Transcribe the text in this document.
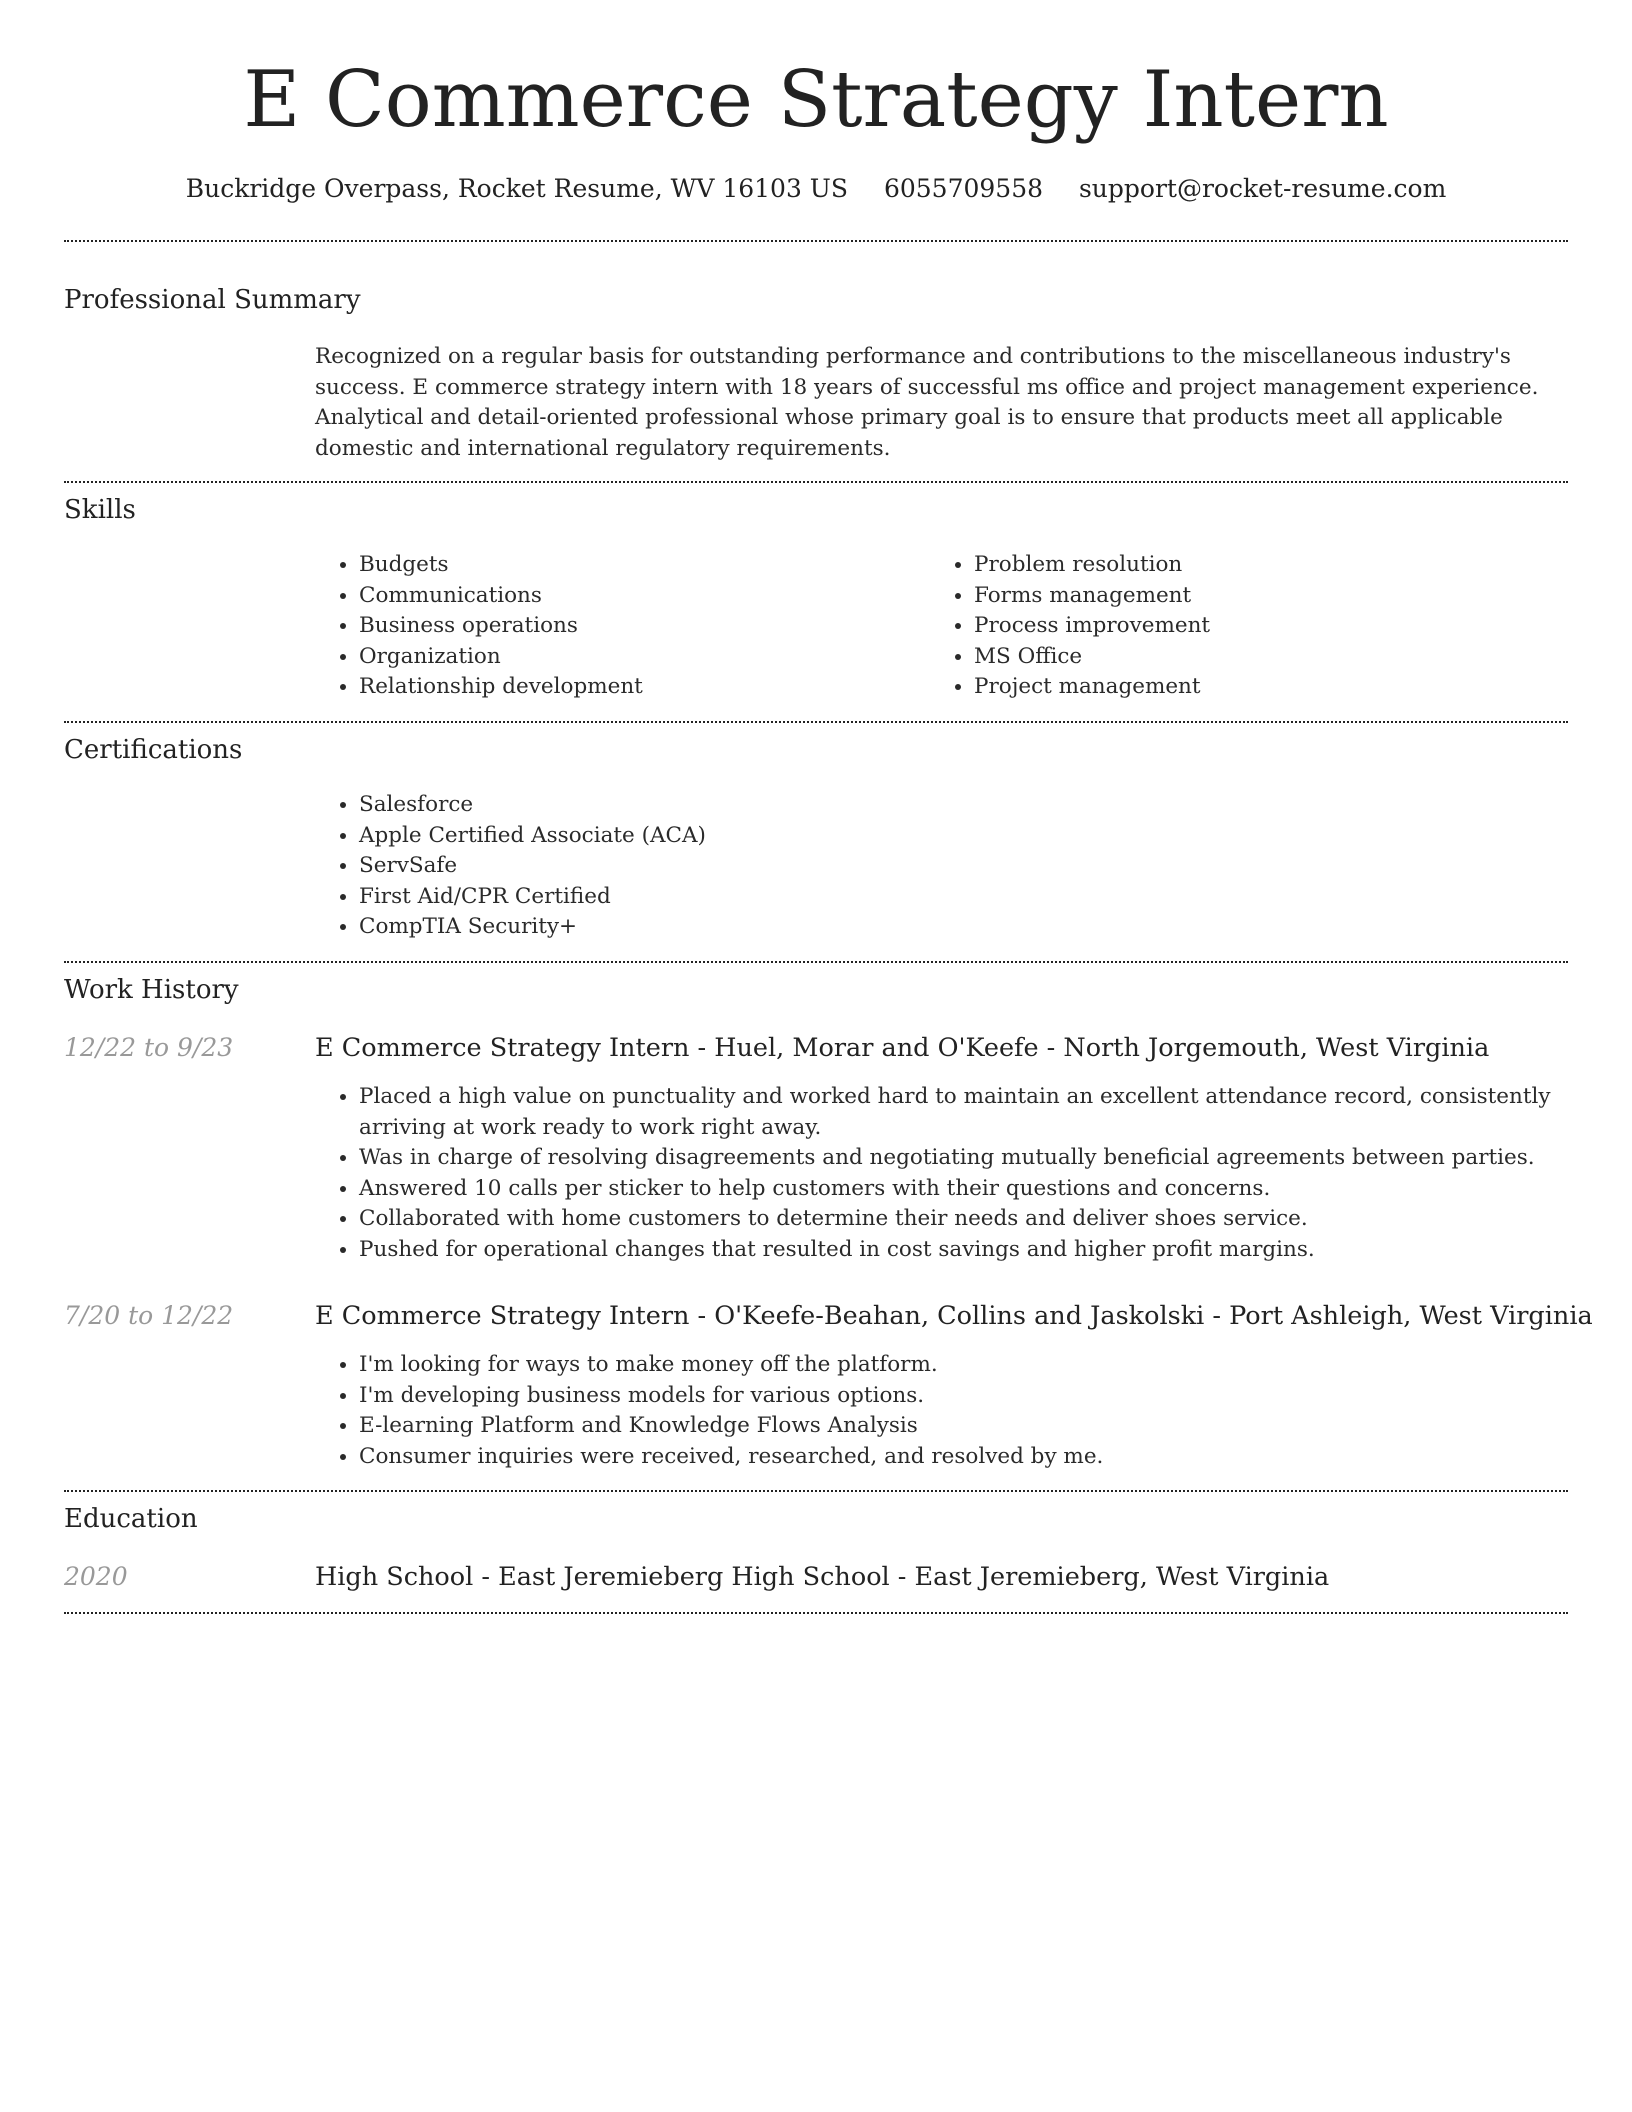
E Commerce Strategy Intern
Buckridge Overpass, Rocket Resume, WV 16103 US 6055709558 support@rocket-resume.com
Professional Summary
Recognized on a regular basis for outstanding performance and contributions to the miscellaneous industry's success. E commerce strategy intern with 18 years of successful ms office and project management experience. Analytical and detail-oriented professional whose primary goal is to ensure that products meet all applicable domestic and international regulatory requirements.
Skills
• Budgets
• Communications
• Business operations
• Organization
• Relationship development
• Problem resolution
• Forms management
• Process improvement
• MS Office
• Project management
Certifications
• Salesforce
• Apple Certified Associate (ACA)
• ServSafe
• First Aid/CPR Certified
• CompTIA Security+
Work History
12/22 to 9/23	E Commerce Strategy Intern - Huel, Morar and O'Keefe - North Jorgemouth, West Virginia
• Placed a high value on punctuality and worked hard to maintain an excellent attendance record, consistently arriving at work ready to work right away.
• Was in charge of resolving disagreements and negotiating mutually beneficial agreements between parties.
• Answered 10 calls per sticker to help customers with their questions and concerns.
• Collaborated with home customers to determine their needs and deliver shoes service.
• Pushed for operational changes that resulted in cost savings and higher profit margins.
7/20 to 12/22	E Commerce Strategy Intern - O'Keefe-Beahan, Collins and Jaskolski - Port Ashleigh, West Virginia
• I'm looking for ways to make money off the platform.
• I'm developing business models for various options.
• E-learning Platform and Knowledge Flows Analysis
• Consumer inquiries were received, researched, and resolved by me.
Education
2020	High School - East Jeremieberg High School - East Jeremieberg, West Virginia
